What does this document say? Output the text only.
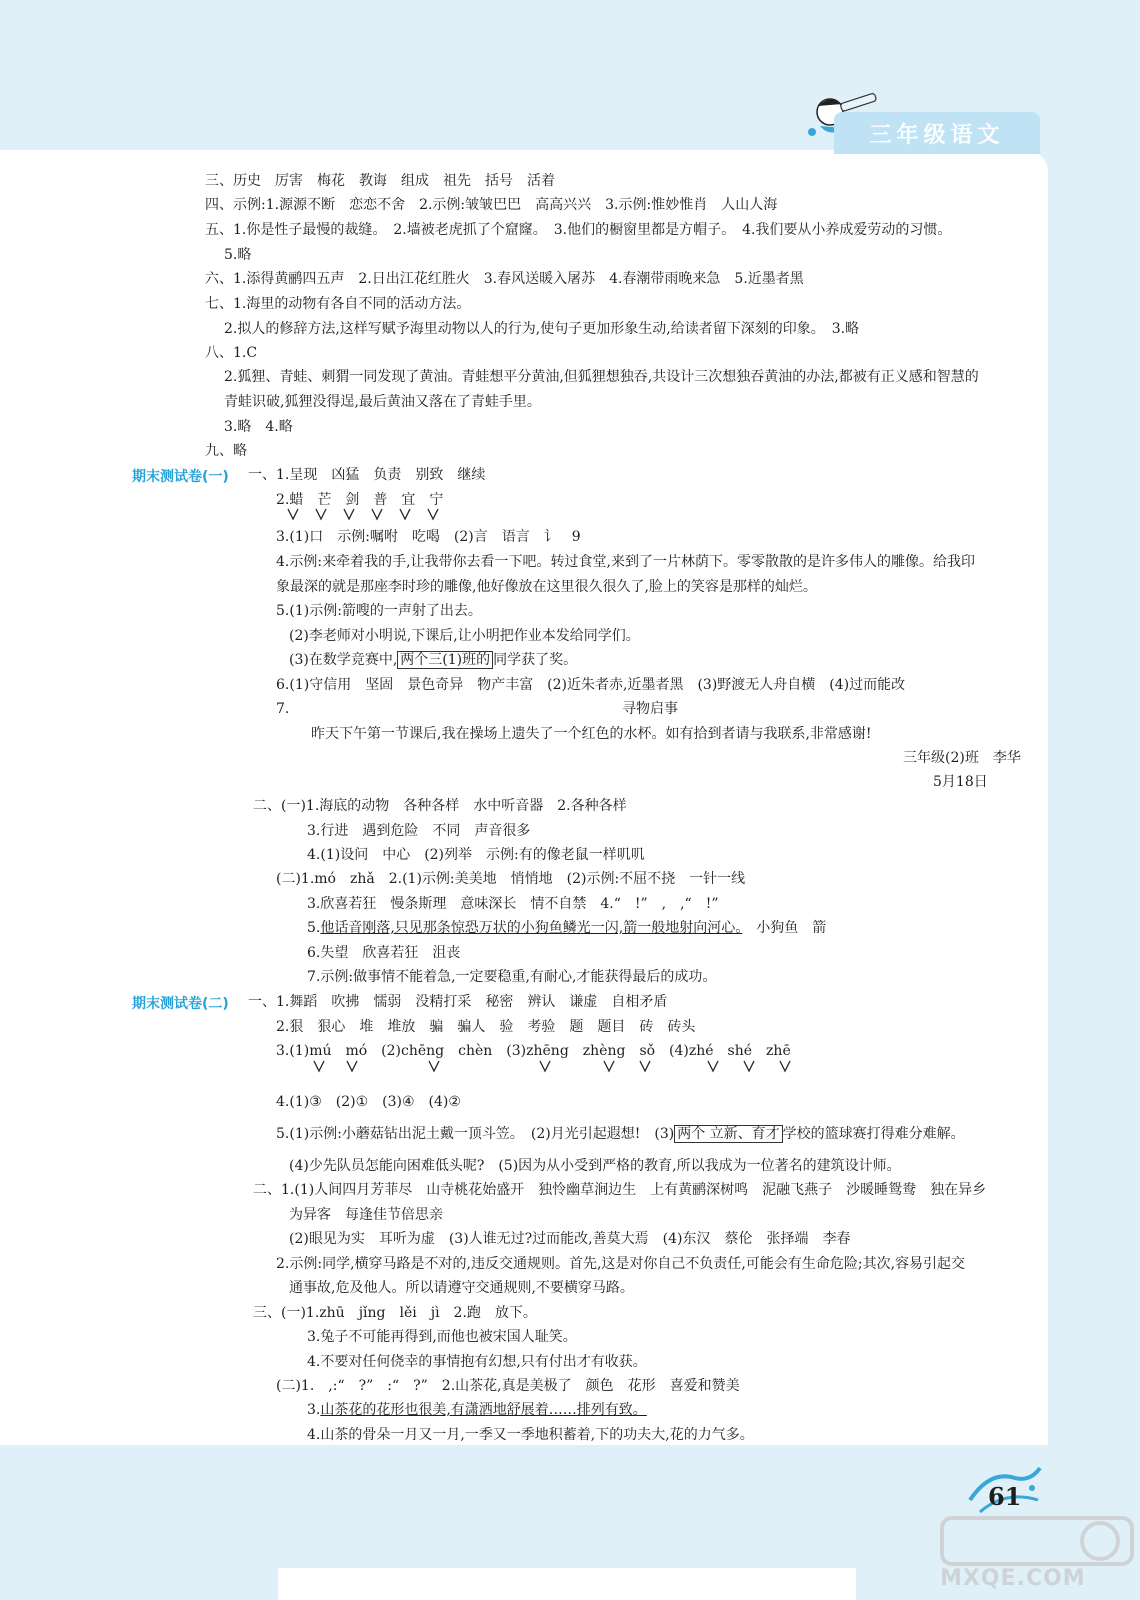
三年级语文
三、历史　厉害　梅花　教诲　组成　祖先　括号　活着
四、示例:1.源源不断　恋恋不舍　2.示例:皱皱巴巴　高高兴兴　3.示例:惟妙惟肖　人山人海
五、1.你是性子最慢的裁缝。　2.墙被老虎抓了个窟窿。　3.他们的橱窗里都是方帽子。　4.我们要从小养成爱劳动的习惯。
5.略
六、1.添得黄鹂四五声　2.日出江花红胜火　3.春风送暖入屠苏　4.春潮带雨晚来急　5.近墨者黑
七、1.海里的动物有各自不同的活动方法。
2.拟人的修辞方法,这样写赋予海里动物以人的行为,使句子更加形象生动,给读者留下深刻的印象。　3.略
八、1.C
2.狐狸、青蛙、刺猬一同发现了黄油。青蛙想平分黄油,但狐狸想独吞,共设计三次想独吞黄油的办法,都被有正义感和智慧的
青蛙识破,狐狸没得逞,最后黄油又落在了青蛙手里。
3.略　4.略
九、略
一、1.呈现　凶猛　负责　别致　继续
2.蜡　芒　剑　普　宜　宁
3.(1)口　示例:嘱咐　吃喝　(2)言　语言　讠　9
4.示例:来牵着我的手,让我带你去看一下吧。转过食堂,来到了一片林荫下。零零散散的是许多伟人的雕像。给我印
象最深的就是那座李时珍的雕像,他好像放在这里很久很久了,脸上的笑容是那样的灿烂。
5.(1)示例:箭嗖的一声射了出去。
(2)李老师对小明说,下课后,让小明把作业本发给同学们。
6.(1)守信用　坚固　景色奇异　物产丰富　(2)近朱者赤,近墨者黑　(3)野渡无人舟自横　(4)过而能改
7.	寻物启事
昨天下午第一节课后,我在操场上遗失了一个红色的水杯。如有拾到者请与我联系,非常感谢!
三年级(2)班　李华
5月18日
二、(一)1.海底的动物　各种各样　水中听音器　2.各种各样
3.行进　遇到危险　不同　声音很多
4.(1)设问　中心　(2)列举　示例:有的像老鼠一样叽叽
(二)1.mó　zhǎ　2.(1)示例:美美地　悄悄地　(2)示例:不屈不挠　一针一线
3.欣喜若狂　慢条斯理　意味深长　情不自禁　4.“　!”　,　,“　!”
6.失望　欣喜若狂　沮丧
7.示例:做事情不能着急,一定要稳重,有耐心,才能获得最后的成功。
一、1.舞蹈　吹拂　懦弱　没精打采　秘密　辨认　谦虚　自相矛盾
2.狠　狠心　堆　堆放　骗　骗人　验　考验　题　题目　砖　砖头
4.(1)③　(2)①　(3)④　(4)②
(4)少先队员怎能向困难低头呢?　(5)因为从小受到严格的教育,所以我成为一位著名的建筑设计师。
二、1.(1)人间四月芳菲尽　山寺桃花始盛开　独怜幽草涧边生　上有黄鹂深树鸣　泥融飞燕子　沙暖睡鸳鸯　独在异乡
为异客　每逢佳节倍思亲
(2)眼见为实　耳听为虚　(3)人谁无过?过而能改,善莫大焉　(4)东汉　蔡伦　张择端　李春
2.示例:同学,横穿马路是不对的,违反交通规则。首先,这是对你自己不负责任,可能会有生命危险;其次,容易引起交
通事故,危及他人。所以请遵守交通规则,不要横穿马路。
三、(一)1.zhū　jǐng　lěi　jì　2.跑　放下。
3.兔子不可能再得到,而他也被宋国人耻笑。
4.不要对任何侥幸的事情抱有幻想,只有付出才有收获。
(二)1.　,:“　?”　:“　?”　2.山茶花,真是美极了　颜色　花形　喜爱和赞美
4.山茶的骨朵一月又一月,一季又一季地积蓄着,下的功夫大,花的力气多。
(3)在数学竞赛中, 两个三(1)班的 同学获了奖。
5.他话音刚落,只见那条惊恐万状的小狗鱼鳞光一闪,箭一般地射向河心。　小狗鱼　箭
3.(1)mú　mó　(2)chēng　chèn　(3)zhēng　zhèng　sǒ　(4)zhé　shé　zhē
5.(1)示例:小蘑菇钻出泥土戴一顶斗笠。　(2)月光引起遐想!　(3) 两个 立新、育才 学校的篮球赛打得难分难解。
3.山茶花的花形也很美,有潇洒地舒展着……排列有致。
期末测试卷(一)
期末测试卷(二)
61
MXQE.COM
